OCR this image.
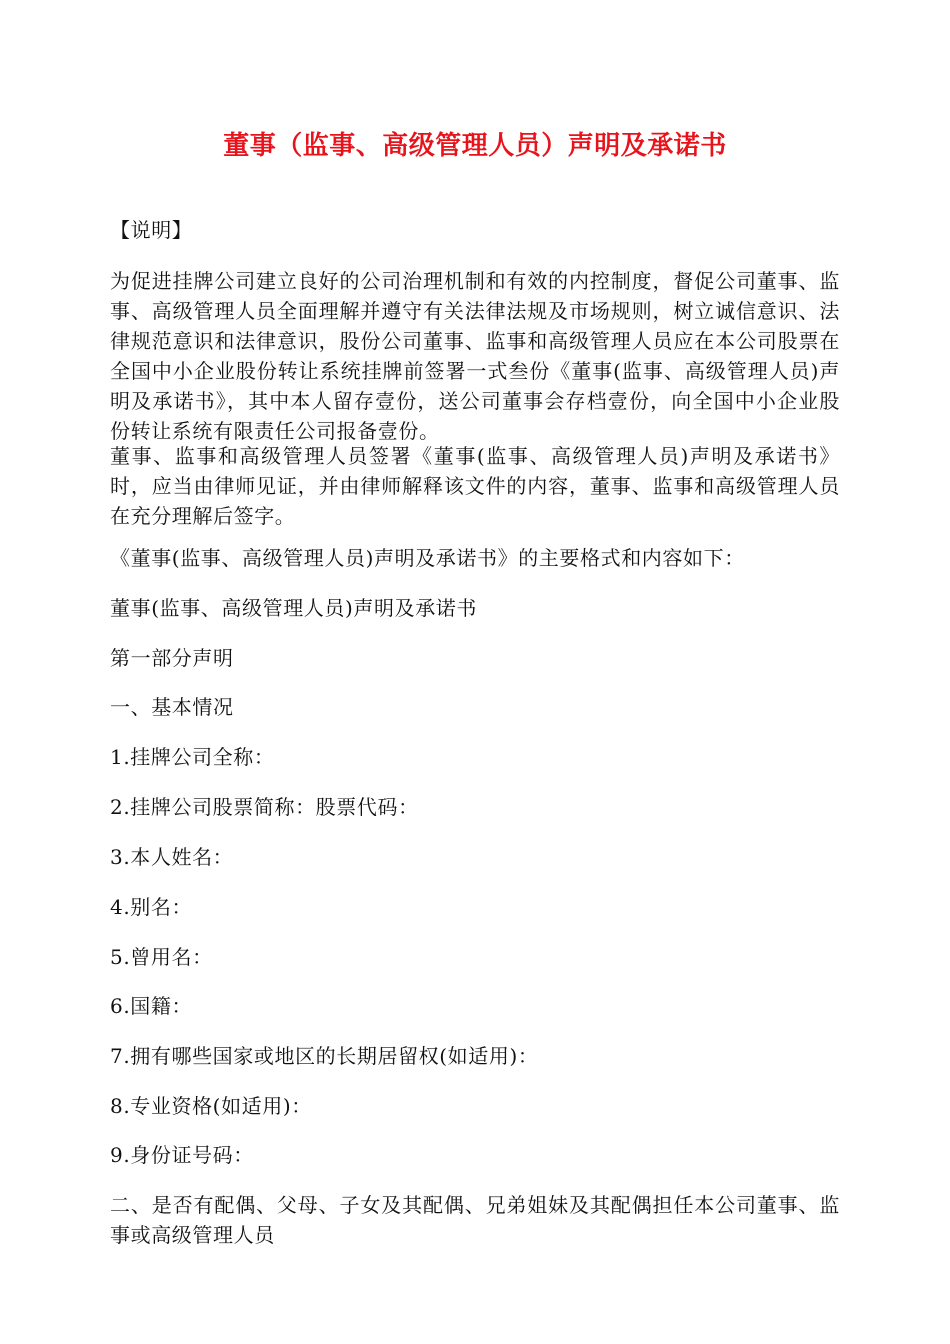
董事（监事、高级管理人员）声明及承诺书

【说明】

为促进挂牌公司建立良好的公司治理机制和有效的内控制度，督促公司董事、监事、高级管理人员全面理解并遵守有关法律法规及市场规则，树立诚信意识、法律规范意识和法律意识，股份公司董事、监事和高级管理人员应在本公司股票在全国中小企业股份转让系统挂牌前签署一式叁份《董事(监事、高级管理人员)声明及承诺书》，其中本人留存壹份，送公司董事会存档壹份，向全国中小企业股份转让系统有限责任公司报备壹份。

董事、监事和高级管理人员签署《董事(监事、高级管理人员)声明及承诺书》时，应当由律师见证，并由律师解释该文件的内容，董事、监事和高级管理人员在充分理解后签字。

《董事(监事、高级管理人员)声明及承诺书》的主要格式和内容如下：

董事(监事、高级管理人员)声明及承诺书

第一部分声明

一、基本情况

1.挂牌公司全称：

2.挂牌公司股票简称：股票代码：

3.本人姓名：

4.别名：

5.曾用名：

6.国籍：

7.拥有哪些国家或地区的长期居留权(如适用)：

8.专业资格(如适用)：

9.身份证号码：

二、是否有配偶、父母、子女及其配偶、兄弟姐妹及其配偶担任本公司董事、监事或高级管理人员
